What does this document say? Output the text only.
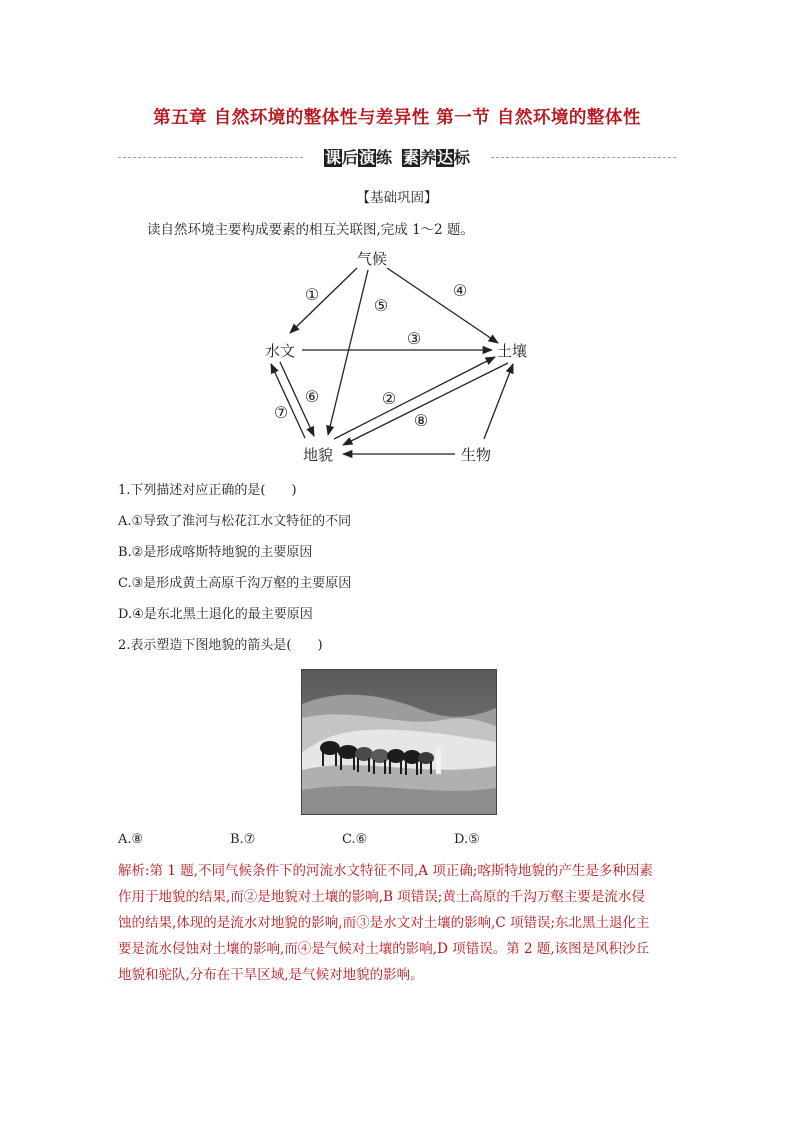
第五章 自然环境的整体性与差异性 第一节 自然环境的整体性
课后演练 素养达标
【基础巩固】
读自然环境主要构成要素的相互关联图,完成 1～2 题。
气候
水文	土壤
地貌	生物
①	④
⑤
③
⑥
⑦
②
⑧
1.下列描述对应正确的是(　　)
A.①导致了淮河与松花江水文特征的不同
B.②是形成喀斯特地貌的主要原因
C.③是形成黄土高原千沟万壑的主要原因
D.④是东北黑土退化的最主要原因
2.表示塑造下图地貌的箭头是(　　)
A.⑧	B.⑦	C.⑥	D.⑤
解析:第 1 题,不同气候条件下的河流水文特征不同,A 项正确;喀斯特地貌的产生是多种因素
作用于地貌的结果,而②是地貌对土壤的影响,B 项错误;黄土高原的千沟万壑主要是流水侵
蚀的结果,体现的是流水对地貌的影响,而③是水文对土壤的影响,C 项错误;东北黑土退化主
要是流水侵蚀对土壤的影响,而④是气候对土壤的影响,D 项错误。第 2 题,该图是风积沙丘
地貌和驼队,分布在干旱区域,是气候对地貌的影响。
